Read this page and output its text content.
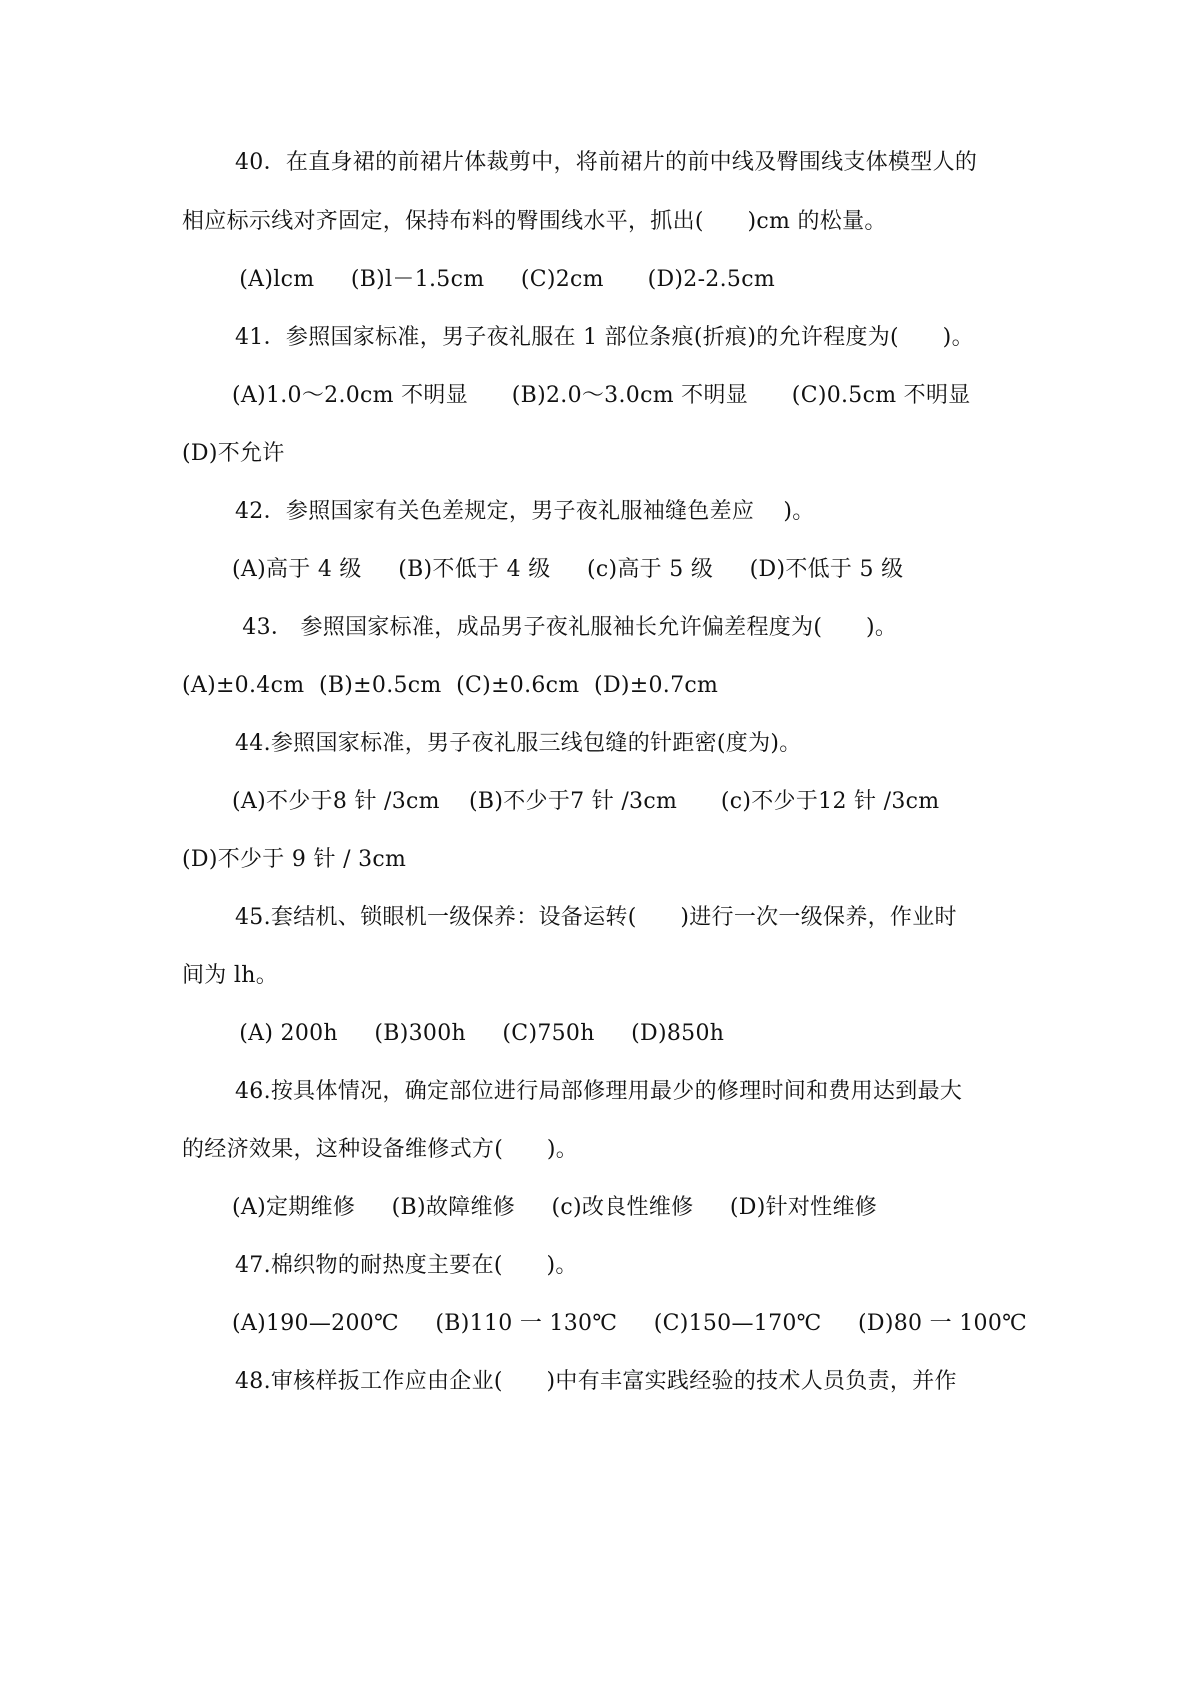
40．在直身裙的前裙片体裁剪中，将前裙片的前中线及臀围线支体模型人的
相应标示线对齐固定，保持布料的臀围线水平，抓出(      )cm 的松量。
(A)lcm     (B)l－1.5cm     (C)2cm      (D)2-2.5cm
41．参照国家标准，男子夜礼服在 1 部位条痕(折痕)的允许程度为(      )。
(A)1.0～2.0cm 不明显      (B)2.0～3.0cm 不明显      (C)0.5cm 不明显
(D)不允许
42．参照国家有关色差规定，男子夜礼服袖缝色差应    )。
(A)高于 4 级     (B)不低于 4 级     (c)高于 5 级     (D)不低于 5 级
43． 参照国家标准，成品男子夜礼服袖长允许偏差程度为(      )。
(A)±0.4cm  (B)±0.5cm  (C)±0.6cm  (D)±0.7cm
44.参照国家标准，男子夜礼服三线包缝的针距密(度为)。
(A)不少于8 针 /3cm    (B)不少于7 针 /3cm      (c)不少于12 针 /3cm
(D)不少于 9 针 / 3cm
45.套结机、锁眼机一级保养：设备运转(      )进行一次一级保养，作业时
间为 lh。
(A) 200h     (B)300h     (C)750h     (D)850h
46.按具体情况，确定部位进行局部修理用最少的修理时间和费用达到最大
的经济效果，这种设备维修式方(      )。
(A)定期维修     (B)故障维修     (c)改良性维修     (D)针对性维修
47.棉织物的耐热度主要在(      )。
(A)190—200℃     (B)110 一 130℃     (C)150—170℃     (D)80 一 100℃
48.审核样扳工作应由企业(      )中有丰富实践经验的技术人员负责，并作
